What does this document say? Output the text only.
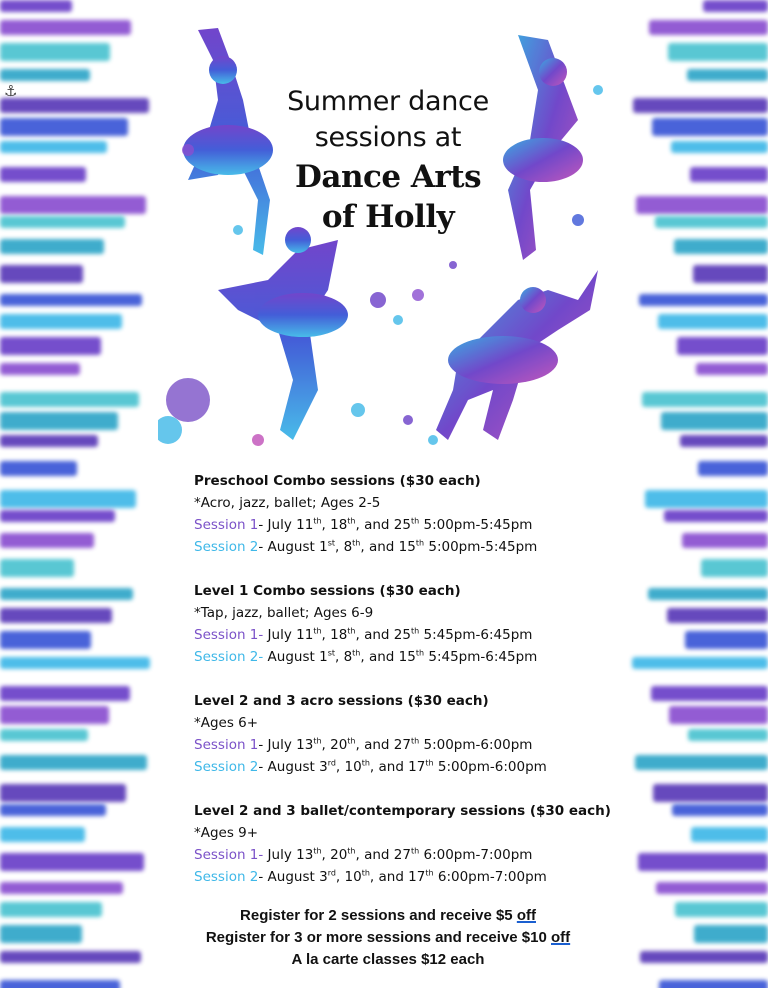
⚓	Summer dance
sessions at
Dance Arts
of Holly
Preschool Combo sessions ($30 each)
*Acro, jazz, ballet; Ages 2-5
Session 1- July 11th, 18th, and 25th 5:00pm-5:45pm
Session 2- August 1st, 8th, and 15th 5:00pm-5:45pm
Level 1 Combo sessions ($30 each)
*Tap, jazz, ballet; Ages 6-9
Session 1- July 11th, 18th, and 25th 5:45pm-6:45pm
Session 2- August 1st, 8th, and 15th 5:45pm-6:45pm
Level 2 and 3 acro sessions ($30 each)
*Ages 6+
Session 1- July 13th, 20th, and 27th 5:00pm-6:00pm
Session 2- August 3rd, 10th, and 17th 5:00pm-6:00pm
Level 2 and 3 ballet/contemporary sessions ($30 each)
*Ages 9+
Session 1- July 13th, 20th, and 27th 6:00pm-7:00pm
Session 2- August 3rd, 10th, and 17th 6:00pm-7:00pm
Register for 2 sessions and receive $5 off
Register for 3 or more sessions and receive $10 off
A la carte classes $12 each
